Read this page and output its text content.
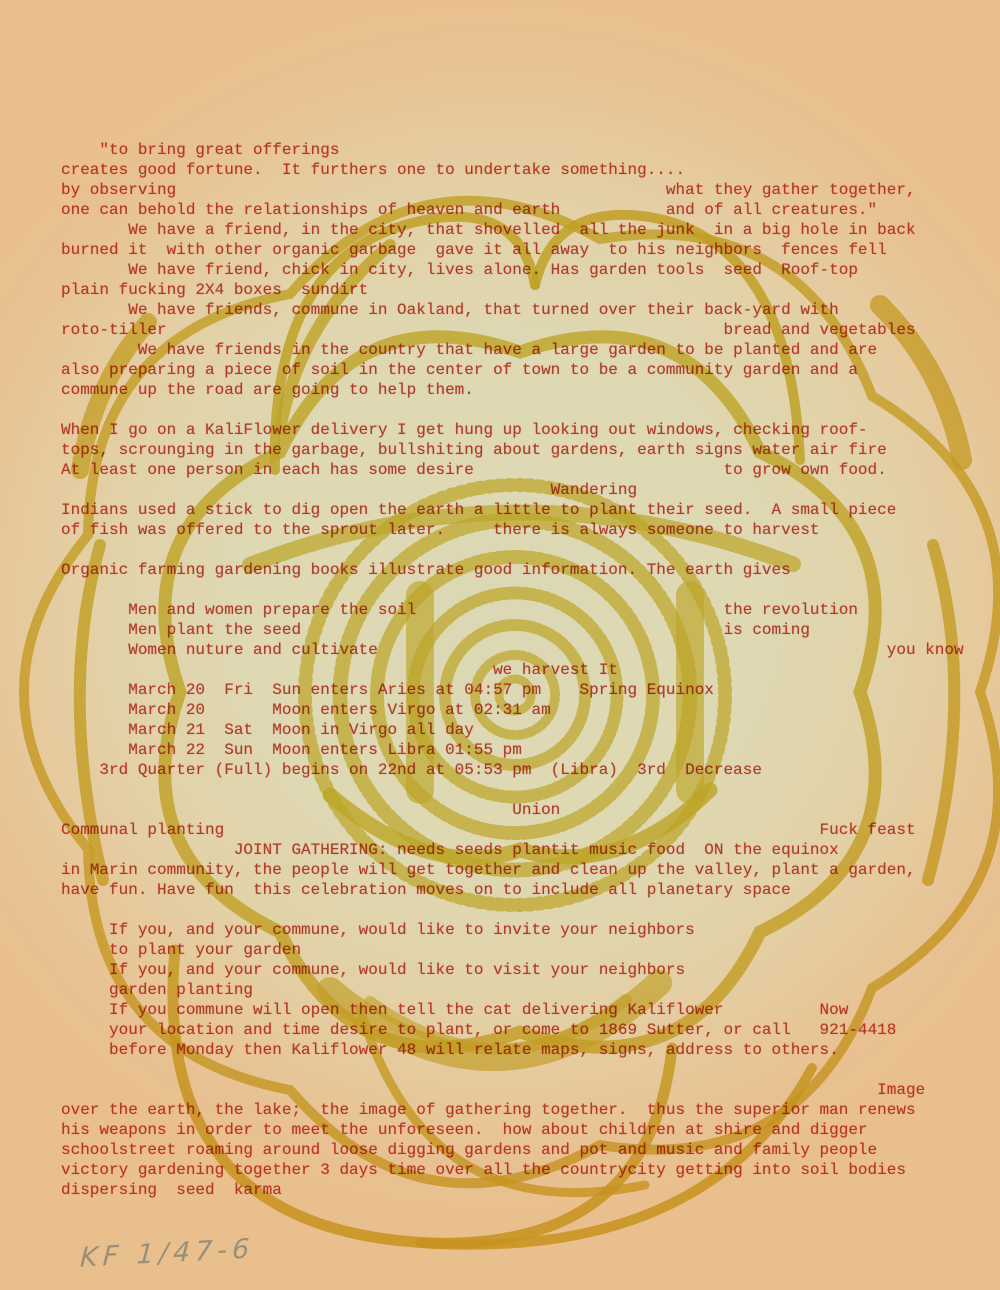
"to bring great offerings
creates good fortune.  It furthers one to undertake something....
by observing                                                   what they gather together,
one can behold the relationships of heaven and earth           and of all creatures."
We have a friend, in the city, that shovelled  all the junk  in a big hole in back
burned it  with other organic garbage  gave it all away  to his neighbors  fences fell
We have friend, chick in city, lives alone. Has garden tools  seed  Roof-top
plain fucking 2X4 boxes  sundirt
We have friends, commune in Oakland, that turned over their back-yard with
roto-tiller                                                          bread and vegetables
We have friends in the country that have a large garden to be planted and are
also preparing a piece of soil in the center of town to be a community garden and a
commune up the road are going to help them.
When I go on a KaliFlower delivery I get hung up looking out windows, checking roof-
tops, scrounging in the garbage, bullshiting about gardens, earth signs water air fire
At least one person in each has some desire                          to grow own food.
Wandering
Indians used a stick to dig open the earth a little to plant their seed.  A small piece
of fish was offered to the sprout later.     there is always someone to harvest
Organic farming gardening books illustrate good information. The earth gives
Men and women prepare the soil                                the revolution
Men plant the seed                                            is coming
Women nuture and cultivate                                                     you know
we harvest It
March 20  Fri  Sun enters Aries at 04:57 pm    Spring Equinox
March 20       Moon enters Virgo at 02:31 am
March 21  Sat  Moon in Virgo all day
March 22  Sun  Moon enters Libra 01:55 pm
3rd Quarter (Full) begins on 22nd at 05:53 pm  (Libra)  3rd  Decrease
Union
Communal planting                                                              Fuck feast
JOINT GATHERING: needs seeds plantit music food  ON the equinox
in Marin community, the people will get together and clean up the valley, plant a garden,
have fun. Have fun  this celebration moves on to include all planetary space
If you, and your commune, would like to invite your neighbors
to plant your garden
If you, and your commune, would like to visit your neighbors
garden planting
If you commune will open then tell the cat delivering Kaliflower          Now
your location and time desire to plant, or come to 1869 Sutter, or call   921-4418
before Monday then Kaliflower 48 will relate maps, signs, address to others.
Image
over the earth, the lake;  the image of gathering together.  thus the superior man renews
his weapons in order to meet the unforeseen.  how about children at shire and digger
schoolstreet roaming around loose digging gardens and pot and music and family people
victory gardening together 3 days time over all the countrycity getting into soil bodies
dispersing  seed  karma
KF 1/47-6
